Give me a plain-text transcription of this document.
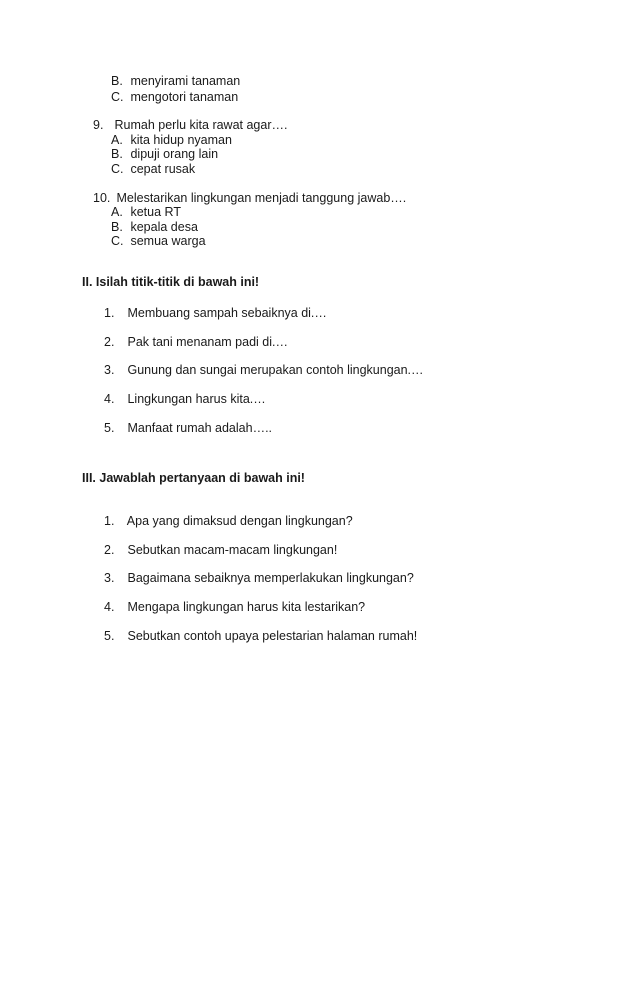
B. menyirami tanaman
C. mengotori tanaman
9. Rumah perlu kita rawat agar….
A. kita hidup nyaman
B. dipuji orang lain
C. cepat rusak
10. Melestarikan lingkungan menjadi tanggung jawab….
A. ketua RT
B. kepala desa
C. semua warga
II. Isilah titik-titik di bawah ini!
1. Membuang sampah sebaiknya di.…
2. Pak tani menanam padi di.…
3. Gunung dan sungai merupakan contoh lingkungan.…
4. Lingkungan harus kita.…
5. Manfaat rumah adalah…..
III. Jawablah pertanyaan di bawah ini!
1. Apa yang dimaksud dengan lingkungan?
2. Sebutkan macam-macam lingkungan!
3. Bagaimana sebaiknya memperlakukan lingkungan?
4. Mengapa lingkungan harus kita lestarikan?
5. Sebutkan contoh upaya pelestarian halaman rumah!
